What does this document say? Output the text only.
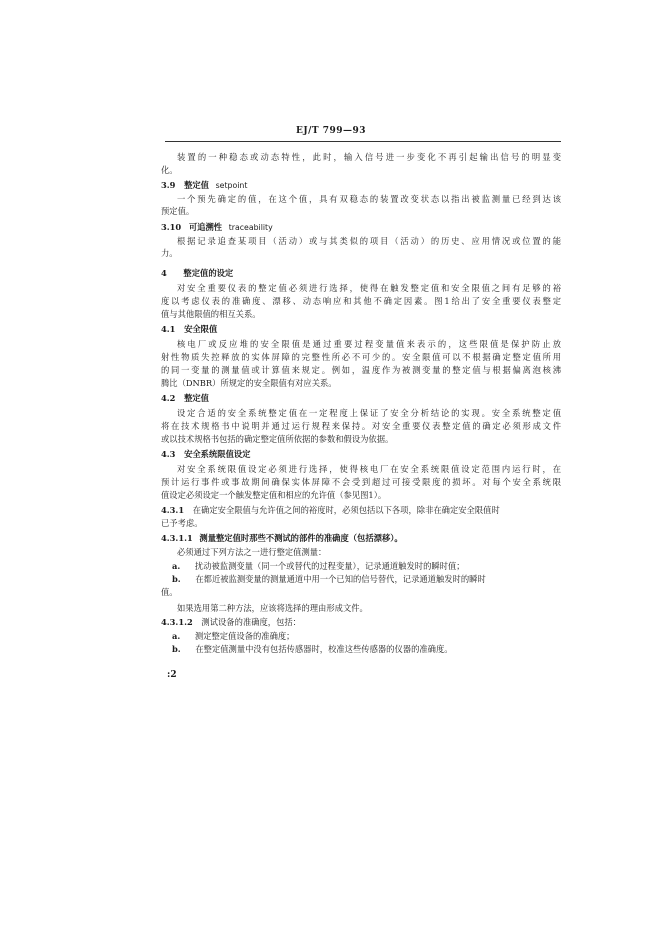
EJ/T 799—93
装置的一种稳态或动态特性，此时，输入信号进一步变化不再引起输出信号的明显变
化。
3.9 整定值 setpoint
一个预先确定的值，在这个值，具有双稳态的装置改变状态以指出被监测量已经到达该
预定值。
3.10 可追溯性 traceability
根据记录追查某项目（活动）或与其类似的项目（活动）的历史、应用情况或位置的能
力。
4 整定值的设定
对安全重要仪表的整定值必须进行选择，使得在触发整定值和安全限值之间有足够的裕
度以考虑仪表的准确度、漂移、动态响应和其他不确定因素。图1给出了安全重要仪表整定
值与其他限值的相互关系。
4.1 安全限值
核电厂或反应堆的安全限值是通过重要过程变量值来表示的，这些限值是保护防止放
射性物质失控释放的实体屏障的完整性所必不可少的。安全限值可以不根据确定整定值所用
的同一变量的测量值或计算值来规定。例如，温度作为被测变量的整定值与根据偏离泡核沸
腾比（DNBR）所规定的安全限值有对应关系。
4.2 整定值
设定合适的安全系统整定值在一定程度上保证了安全分析结论的实现。安全系统整定值
将在技术规格书中说明并通过运行规程来保持。对安全重要仪表整定值的确定必须形成文件
或以技术规格书包括的确定整定值所依据的参数和假设为依据。
4.3 安全系统限值设定
对安全系统限值设定必须进行选择，使得核电厂在安全系统限值设定范围内运行时，在
预计运行事件或事故期间确保实体屏障不会受到超过可接受限度的损坏。对每个安全系统限
值设定必须设定一个触发整定值和相应的允许值（参见图1）。
4.3.1 在确定安全限值与允许值之间的裕度时，必须包括以下各项，除非在确定安全限值时
已予考虑。
4.3.1.1 测量整定值时那些不测试的部件的准确度（包括漂移）。
必须通过下列方法之一进行整定值测量：
a. 扰动被监测变量（同一个或替代的过程变量），记录通道触发时的瞬时值；
b. 在都近被监测变量的测量通道中用一个已知的信号替代，记录通道触发时的瞬时
值。
如果选用第二种方法，应该将选择的理由形成文件。
4.3.1.2 测试设备的准确度，包括：
a. 测定整定值设备的准确度；
b. 在整定值测量中没有包括传感器时，校准这些传感器的仪器的准确度。
:2
